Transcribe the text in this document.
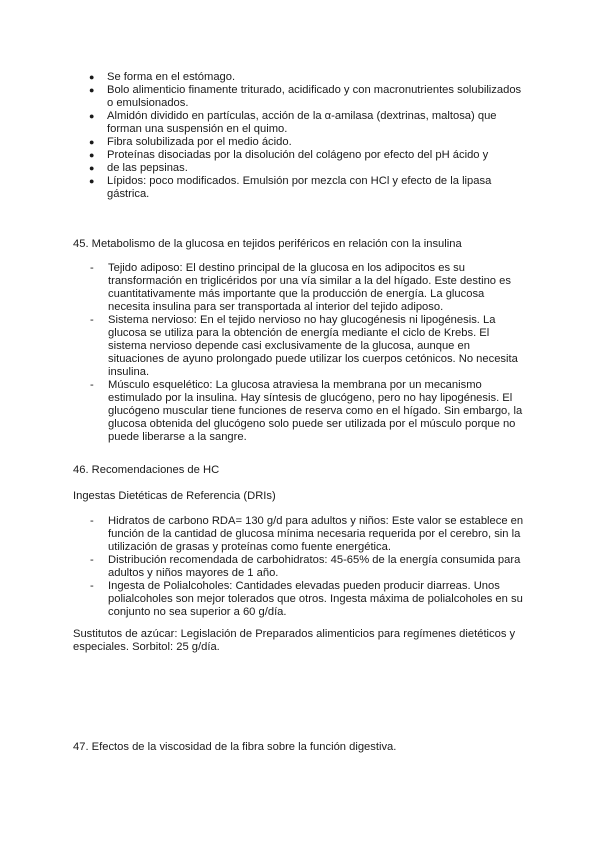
● Se forma en el estómago.
● Bolo alimenticio finamente triturado, acidificado y con macronutrientes solubilizados o emulsionados.
● Almidón dividido en partículas, acción de la α-amilasa (dextrinas, maltosa) que forman una suspensión en el quimo.
● Fibra solubilizada por el medio ácido.
● Proteínas disociadas por la disolución del colágeno por efecto del pH ácido y
● de las pepsinas.
● Lípidos: poco modificados. Emulsión por mezcla con HCl y efecto de la lipasa gástrica.

45. Metabolismo de la glucosa en tejidos periféricos en relación con la insulina

- Tejido adiposo: El destino principal de la glucosa en los adipocitos es su transformación en triglicéridos por una vía similar a la del hígado. Este destino es cuantitativamente más importante que la producción de energía. La glucosa necesita insulina para ser transportada al interior del tejido adiposo.
- Sistema nervioso: En el tejido nervioso no hay glucogénesis ni lipogénesis. La glucosa se utiliza para la obtención de energía mediante el ciclo de Krebs. El sistema nervioso depende casi exclusivamente de la glucosa, aunque en situaciones de ayuno prolongado puede utilizar los cuerpos cetónicos. No necesita insulina.
- Músculo esquelético: La glucosa atraviesa la membrana por un mecanismo estimulado por la insulina. Hay síntesis de glucógeno, pero no hay lipogénesis. El glucógeno muscular tiene funciones de reserva como en el hígado. Sin embargo, la glucosa obtenida del glucógeno solo puede ser utilizada por el músculo porque no puede liberarse a la sangre.

46. Recomendaciones de HC

Ingestas Dietéticas de Referencia (DRIs)

- Hidratos de carbono RDA= 130 g/d para adultos y niños: Este valor se establece en función de la cantidad de glucosa mínima necesaria requerida por el cerebro, sin la utilización de grasas y proteínas como fuente energética.
- Distribución recomendada de carbohidratos: 45-65% de la energía consumida para adultos y niños mayores de 1 año.
- Ingesta de Polialcoholes: Cantidades elevadas pueden producir diarreas. Unos polialcoholes son mejor tolerados que otros. Ingesta máxima de polialcoholes en su conjunto no sea superior a 60 g/día.

Sustitutos de azúcar: Legislación de Preparados alimenticios para regímenes dietéticos y especiales. Sorbitol: 25 g/día.

47. Efectos de la viscosidad de la fibra sobre la función digestiva.
